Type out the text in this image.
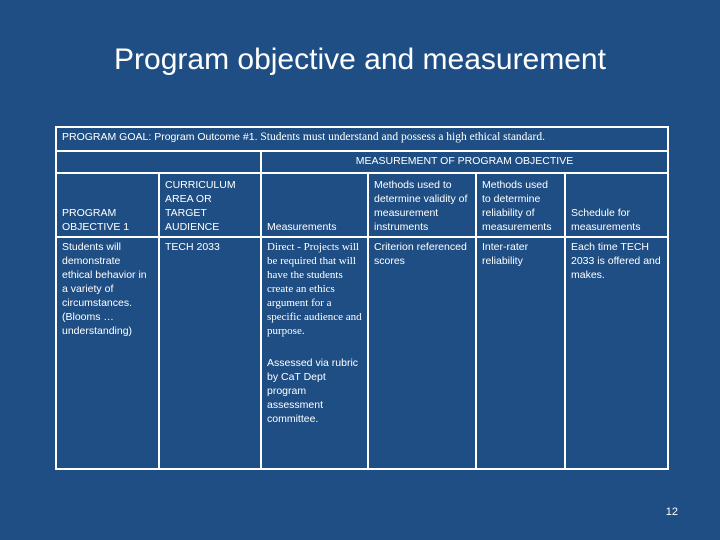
Program objective and measurement
PROGRAM GOAL: Program Outcome #1. Students must understand and possess a high ethical standard.					
		MEASUREMENT OF PROGRAM OBJECTIVE			
PROGRAM OBJECTIVE 1	CURRICULUM AREA OR TARGET AUDIENCE	Measurements	Methods used to determine validity of measurement instruments	Methods used to determine reliability of measurements	Schedule for measurements
Students will demonstrate ethical behavior in a variety of circumstances. (Blooms … understanding)	TECH 2033	Direct - Projects will be required that will have the students create an ethics argument for a specific audience and purpose.
Assessed via rubric by CaT Dept program assessment committee.	Criterion referenced scores	Inter-rater reliability	Each time TECH 2033 is offered and makes.
12
